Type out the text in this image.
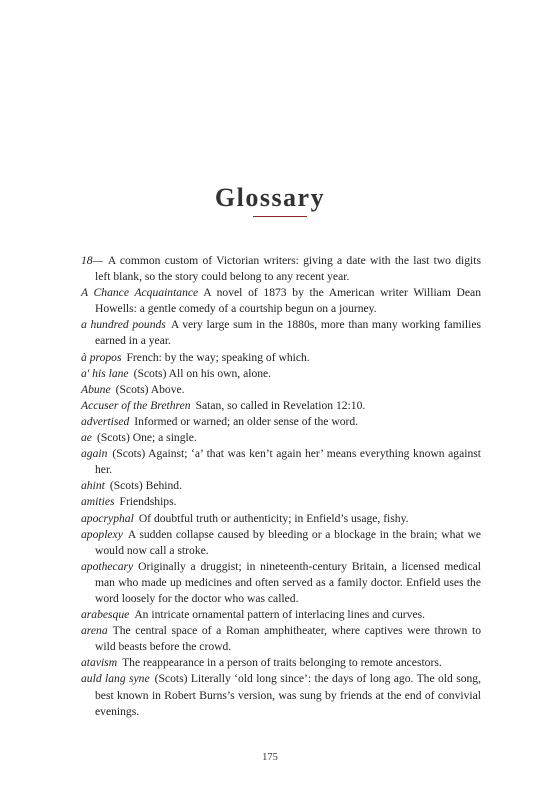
Glossary
18— A common custom of Victorian writers: giving a date with the last two digits left blank, so the story could belong to any recent year.
A Chance Acquaintance A novel of 1873 by the American writer William Dean Howells: a gentle comedy of a courtship begun on a journey.
a hundred pounds A very large sum in the 1880s, more than many working families earned in a year.
à propos French: by the way; speaking of which.
a' his lane (Scots) All on his own, alone.
Abune (Scots) Above.
Accuser of the Brethren Satan, so called in Revelation 12:10.
advertised Informed or warned; an older sense of the word.
ae (Scots) One; a single.
again (Scots) Against; ‘a’ that was ken’t again her’ means everything known against her.
ahint (Scots) Behind.
amities Friendships.
apocryphal Of doubtful truth or authenticity; in Enfield’s usage, fishy.
apoplexy A sudden collapse caused by bleeding or a blockage in the brain; what we would now call a stroke.
apothecary Originally a druggist; in nineteenth-century Britain, a licensed medical man who made up medicines and often served as a family doctor. Enfield uses the word loosely for the doctor who was called.
arabesque An intricate ornamental pattern of interlacing lines and curves.
arena The central space of a Roman amphitheater, where captives were thrown to wild beasts before the crowd.
atavism The reappearance in a person of traits belonging to remote ancestors.
auld lang syne (Scots) Literally ‘old long since’: the days of long ago. The old song, best known in Robert Burns’s version, was sung by friends at the end of convivial evenings.
175
